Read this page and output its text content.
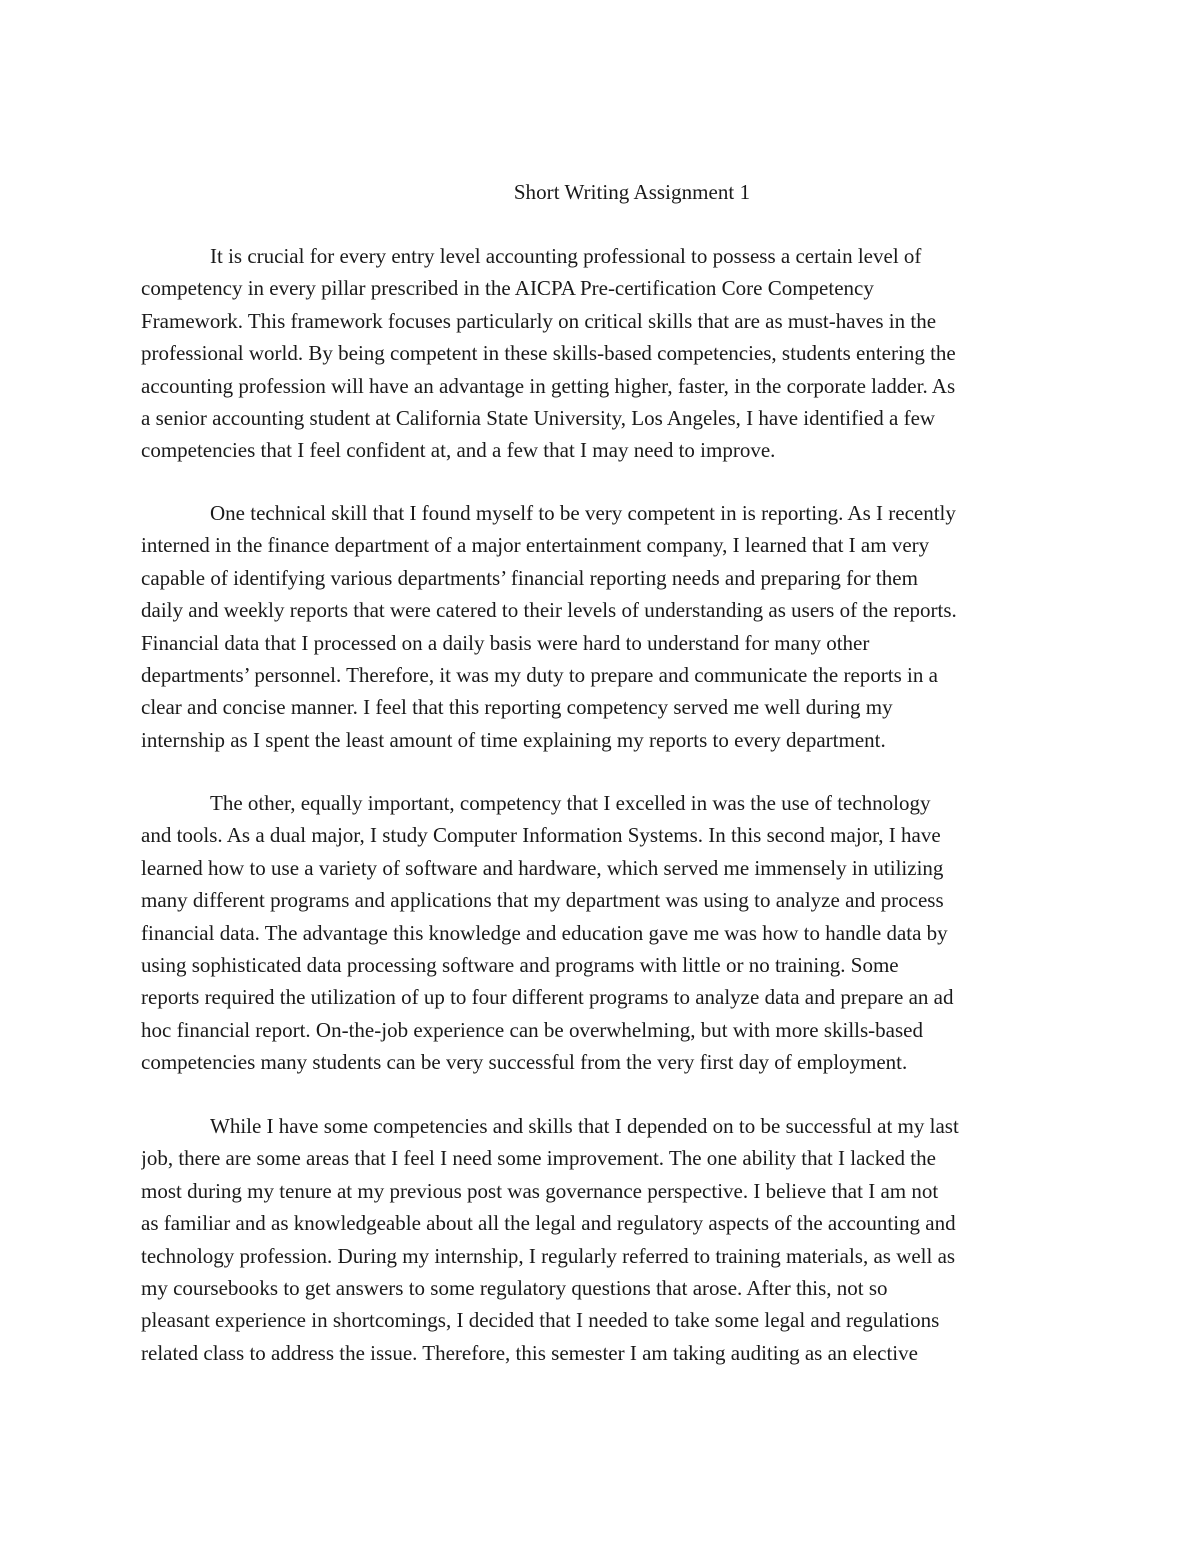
Short Writing Assignment 1
It is crucial for every entry level accounting professional to possess a certain level of
competency in every pillar prescribed in the AICPA Pre-certification Core Competency
Framework. This framework focuses particularly on critical skills that are as must-haves in the
professional world. By being competent in these skills-based competencies, students entering the
accounting profession will have an advantage in getting higher, faster, in the corporate ladder. As
a senior accounting student at California State University, Los Angeles, I have identified a few
competencies that I feel confident at, and a few that I may need to improve.
One technical skill that I found myself to be very competent in is reporting. As I recently
interned in the finance department of a major entertainment company, I learned that I am very
capable of identifying various departments’ financial reporting needs and preparing for them
daily and weekly reports that were catered to their levels of understanding as users of the reports.
Financial data that I processed on a daily basis were hard to understand for many other
departments’ personnel. Therefore, it was my duty to prepare and communicate the reports in a
clear and concise manner. I feel that this reporting competency served me well during my
internship as I spent the least amount of time explaining my reports to every department.
The other, equally important, competency that I excelled in was the use of technology
and tools. As a dual major, I study Computer Information Systems. In this second major, I have
learned how to use a variety of software and hardware, which served me immensely in utilizing
many different programs and applications that my department was using to analyze and process
financial data. The advantage this knowledge and education gave me was how to handle data by
using sophisticated data processing software and programs with little or no training. Some
reports required the utilization of up to four different programs to analyze data and prepare an ad
hoc financial report. On-the-job experience can be overwhelming, but with more skills-based
competencies many students can be very successful from the very first day of employment.
While I have some competencies and skills that I depended on to be successful at my last
job, there are some areas that I feel I need some improvement. The one ability that I lacked the
most during my tenure at my previous post was governance perspective. I believe that I am not
as familiar and as knowledgeable about all the legal and regulatory aspects of the accounting and
technology profession. During my internship, I regularly referred to training materials, as well as
my coursebooks to get answers to some regulatory questions that arose. After this, not so
pleasant experience in shortcomings, I decided that I needed to take some legal and regulations
related class to address the issue. Therefore, this semester I am taking auditing as an elective
